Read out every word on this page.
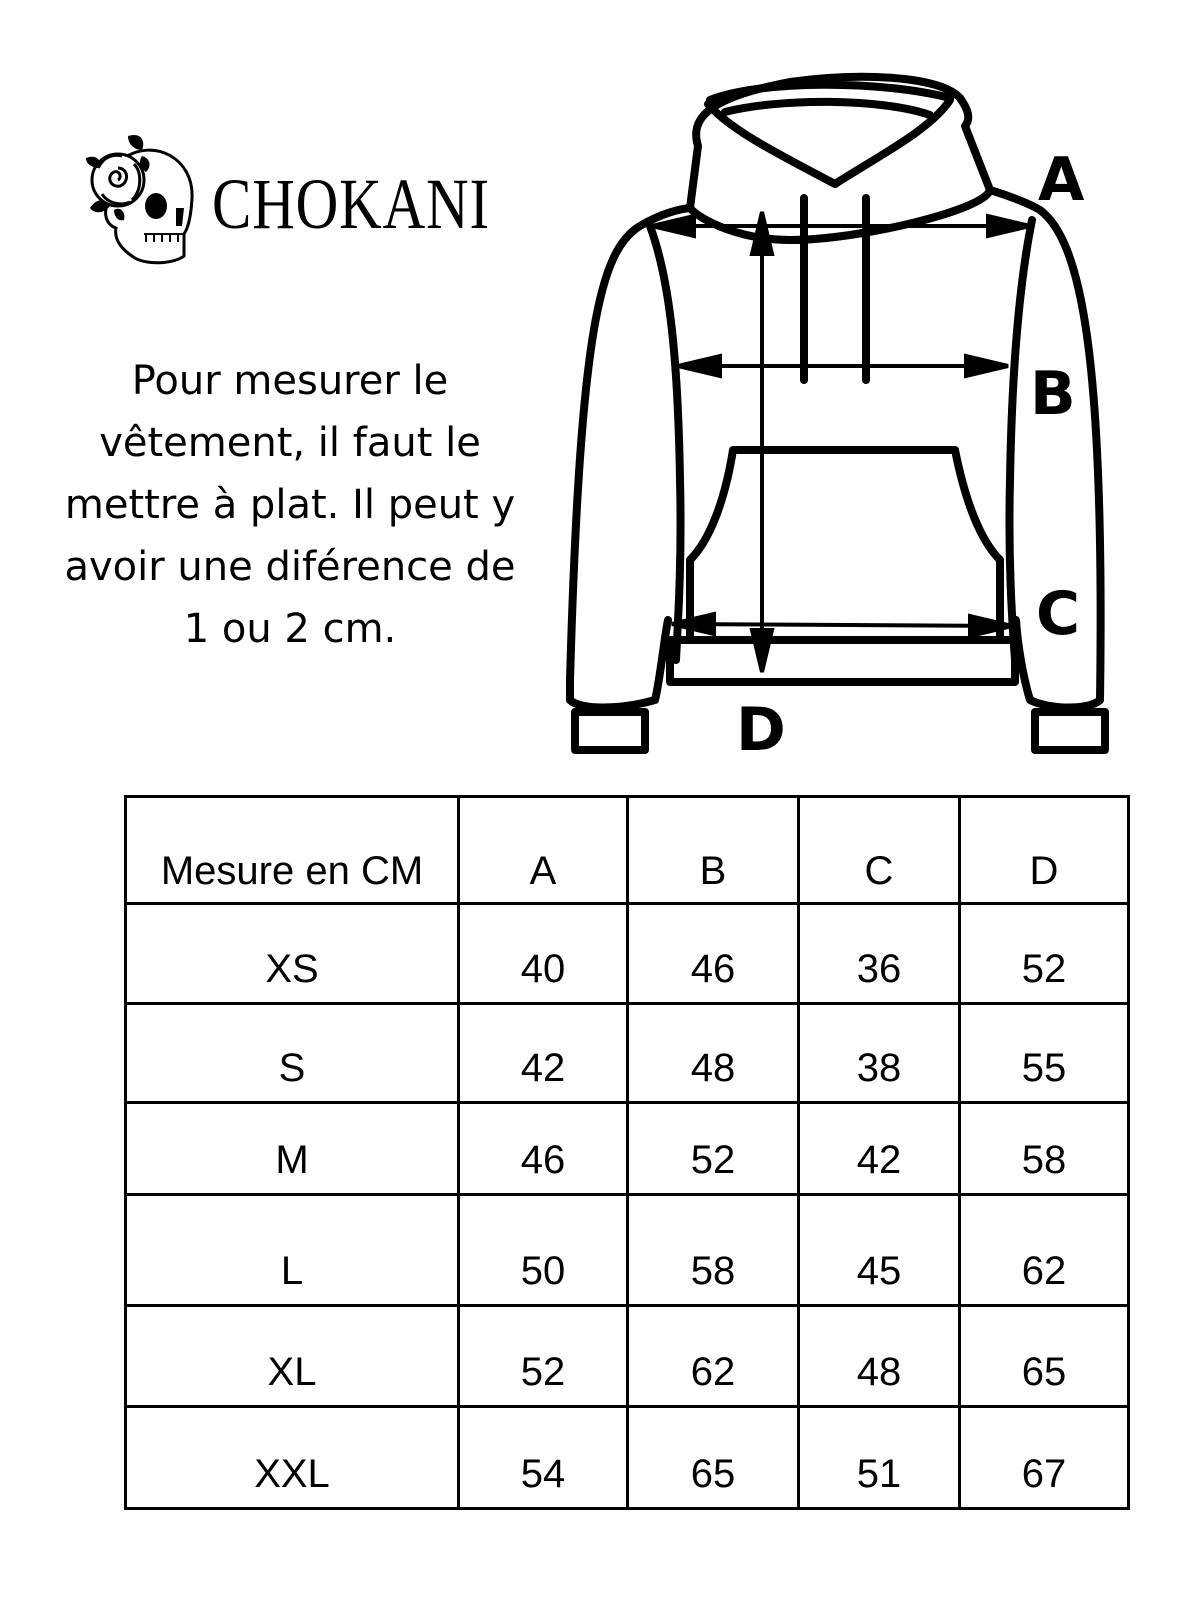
CHOKANI
Pour mesurer le vêtement, il faut le mettre à plat. Il peut y avoir une diférence de 1 ou 2 cm.
A
B
C
D
Mesure en CM	A	B	C	D
XS	40	46	36	52
S	42	48	38	55
M	46	52	42	58
L	50	58	45	62
XL	52	62	48	65
XXL	54	65	51	67
